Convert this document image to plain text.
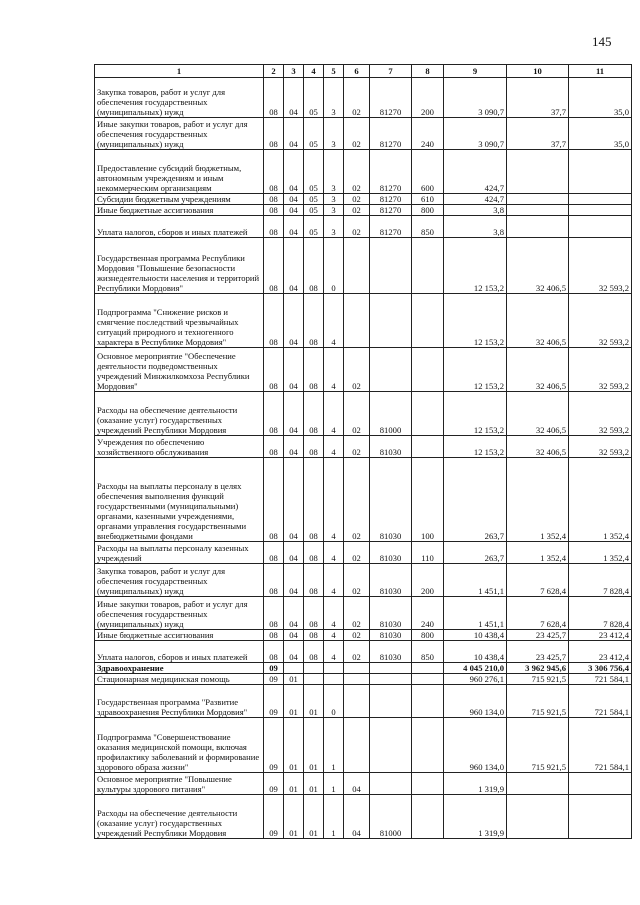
145
1	2	3	4	5	6	7	8	9	10	11
Закупка товаров, работ и услуг для обеспечения государственных (муниципальных) нужд	08	04	05	3	02	81270	200	3 090,7	37,7	35,0
Иные закупки товаров, работ и услуг для обеспечения государственных (муниципальных) нужд	08	04	05	3	02	81270	240	3 090,7	37,7	35,0
Предоставление субсидий бюджетным, автономным учреждениям и иным некоммерческим организациям	08	04	05	3	02	81270	600	424,7		
Субсидии бюджетным учреждениям	08	04	05	3	02	81270	610	424,7		
Иные бюджетные ассигнования	08	04	05	3	02	81270	800	3,8		
Уплата налогов, сборов и иных платежей	08	04	05	3	02	81270	850	3,8		
Государственная программа Республики Мордовия "Повышение безопасности жизнедеятельности населения и территорий Республики Мордовия"	08	04	08	0				12 153,2	32 406,5	32 593,2
Подпрограмма "Снижение рисков и смягчение последствий чрезвычайных ситуаций природного и техногенного характера в Республике Мордовия"	08	04	08	4				12 153,2	32 406,5	32 593,2
Основное мероприятие "Обеспечение деятельности подведомственных учреждений Минжилкомхоза Республики Мордовия"	08	04	08	4	02			12 153,2	32 406,5	32 593,2
Расходы на обеспечение деятельности (оказание услуг) государственных учреждений Республики Мордовия	08	04	08	4	02	81000		12 153,2	32 406,5	32 593,2
Учреждения по обеспечению хозяйственного обслуживания	08	04	08	4	02	81030		12 153,2	32 406,5	32 593,2
Расходы на выплаты персоналу в целях обеспечения выполнения функций государственными (муниципальными) органами, казенными учреждениями, органами управления государственными внебюджетными фондами	08	04	08	4	02	81030	100	263,7	1 352,4	1 352,4
Расходы на выплаты персоналу казенных учреждений	08	04	08	4	02	81030	110	263,7	1 352,4	1 352,4
Закупка товаров, работ и услуг для обеспечения государственных (муниципальных) нужд	08	04	08	4	02	81030	200	1 451,1	7 628,4	7 828,4
Иные закупки товаров, работ и услуг для обеспечения государственных (муниципальных) нужд	08	04	08	4	02	81030	240	1 451,1	7 628,4	7 828,4
Иные бюджетные ассигнования	08	04	08	4	02	81030	800	10 438,4	23 425,7	23 412,4
Уплата налогов, сборов и иных платежей	08	04	08	4	02	81030	850	10 438,4	23 425,7	23 412,4
Здравоохранение	09							4 045 210,0	3 962 945,6	3 306 756,4
Стационарная медицинская помощь	09	01						960 276,1	715 921,5	721 584,1
Государственная программа "Развитие здравоохранения Республики Мордовия"	09	01	01	0				960 134,0	715 921,5	721 584,1
Подпрограмма "Совершенствование оказания медицинской помощи, включая профилактику заболеваний и формирование здорового образа жизни"	09	01	01	1				960 134,0	715 921,5	721 584,1
Основное мероприятие "Повышение культуры здорового питания"	09	01	01	1	04			1 319,9		
Расходы на обеспечение деятельности (оказание услуг) государственных учреждений Республики Мордовия	09	01	01	1	04	81000		1 319,9		
